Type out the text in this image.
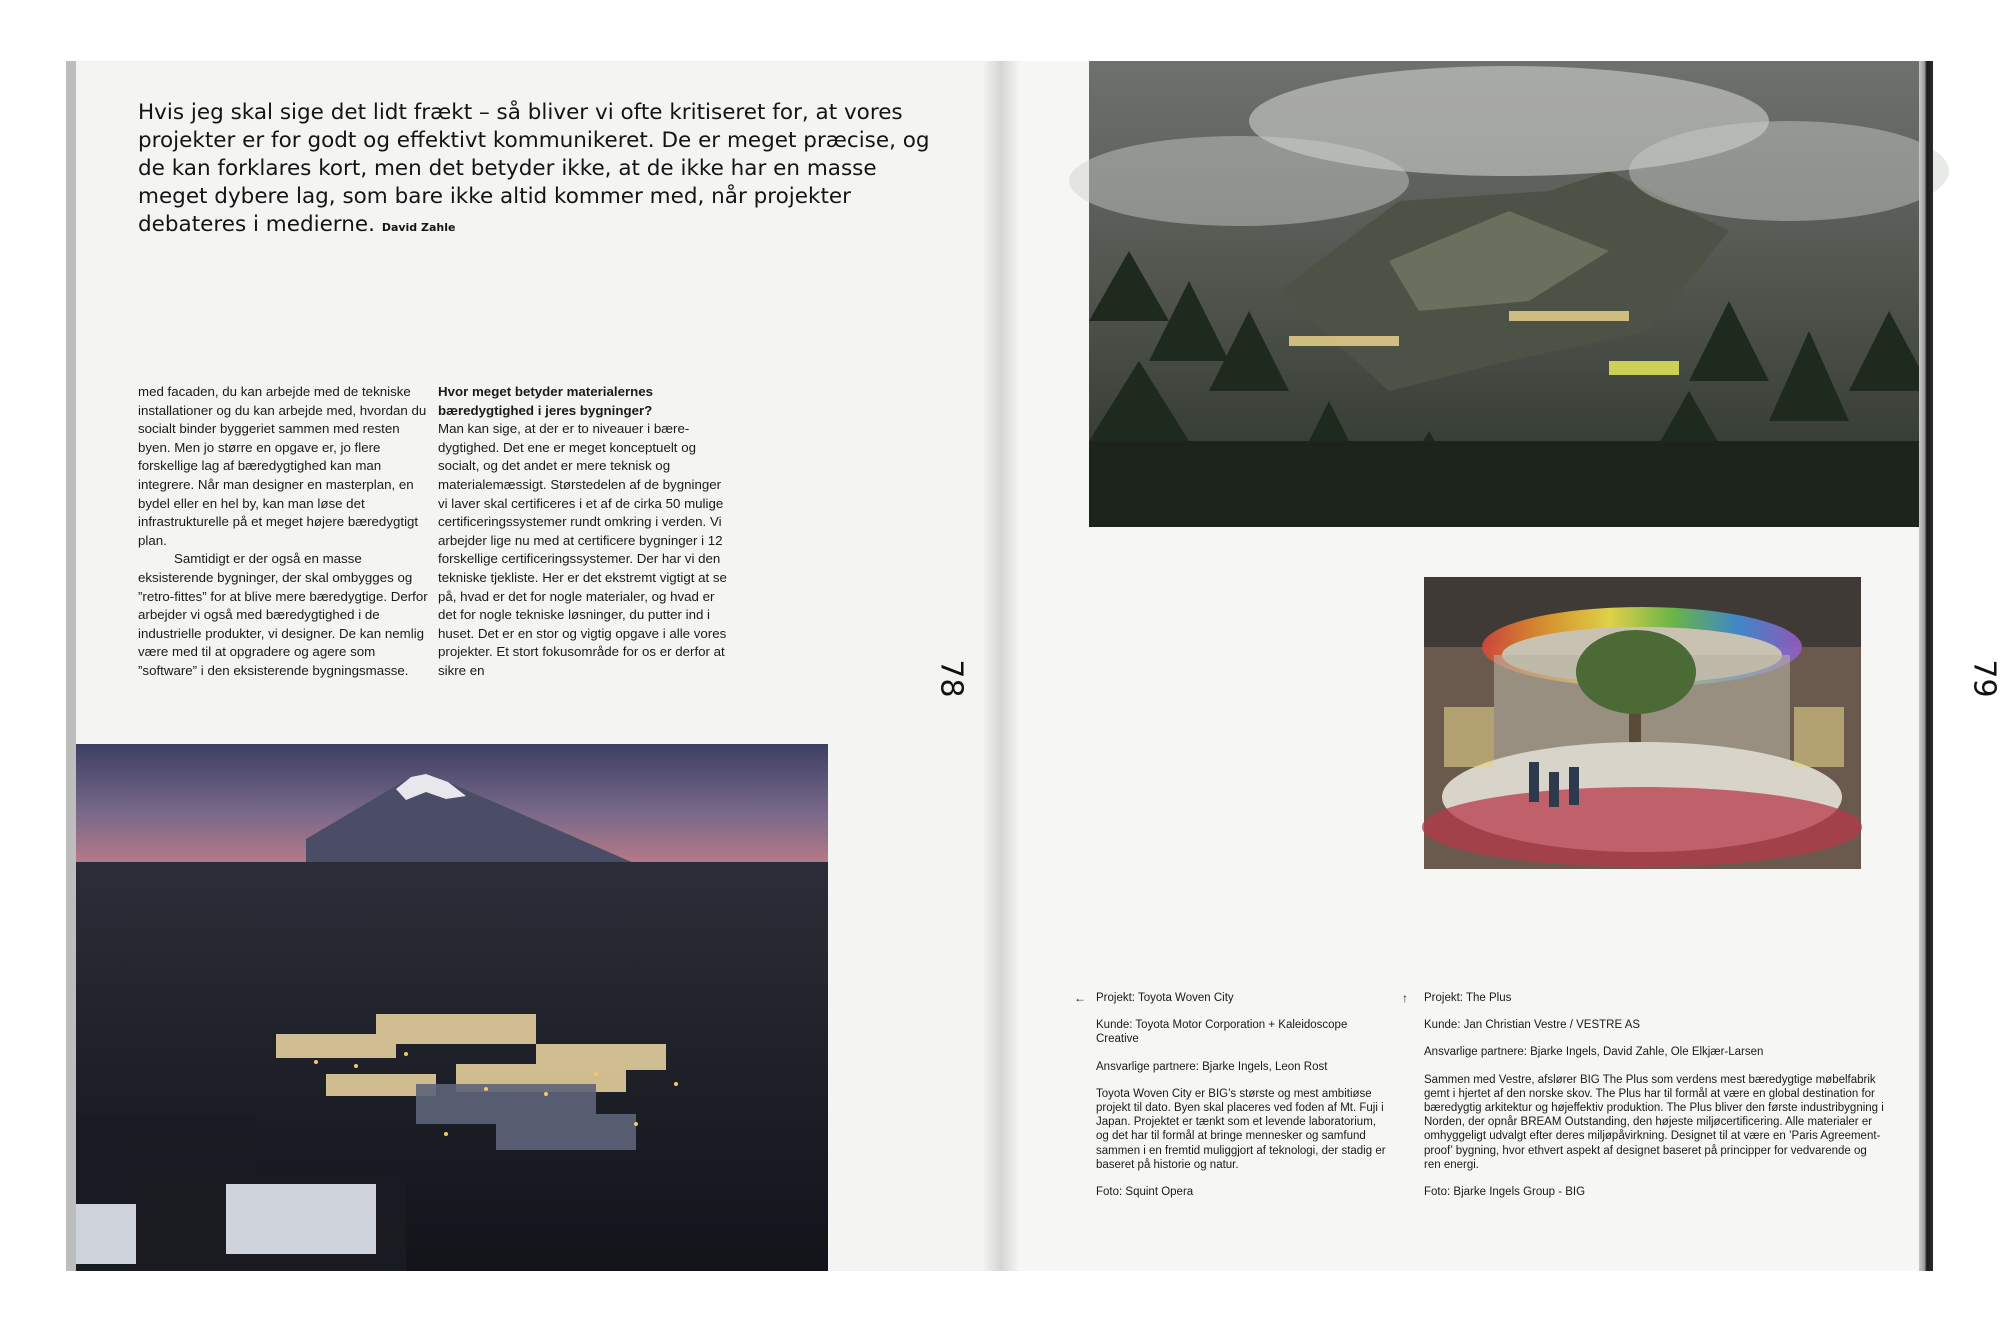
Hvis jeg skal sige det lidt frækt – så bliver vi ofte kritiseret for, at vores projekter er for godt og effektivt kommunikeret. De er meget præcise, og de kan forklares kort, men det betyder ikke, at de ikke har en masse meget dybere lag, som bare ikke altid kommer med, når projekter debateres i medierne. David Zahle

med facaden, du kan arbejde med de tekniske installationer og du kan arbejde med, hvordan du socialt binder byggeriet sammen med resten byen. Men jo større en opgave er, jo flere forskellige lag af bæredygtighed kan man integrere. Når man designer en masterplan, en bydel eller en hel by, kan man løse det infrastrukturelle på et meget højere bæredygtigt plan.

Samtidigt er der også en masse eksisterende bygninger, der skal ombygges og ”retro-fittes” for at blive mere bæredygtige. Derfor arbejder vi også med bæredygtighed i de industrielle produkter, vi designer. De kan nemlig være med til at opgradere og agere som ”software” i den eksisterende bygningsmasse.

Hvor meget betyder materialernes bæredygtighed i jeres bygninger?

Man kan sige, at der er to niveauer i bæredygtighed. Det ene er meget konceptuelt og socialt, og det andet er mere teknisk og materialemæssigt. Størstedelen af de bygninger vi laver skal certificeres i et af de cirka 50 mulige certificeringssystemer rundt omkring i verden. Vi arbejder lige nu med at certificere bygninger i 12 forskellige certificeringssystemer. Der har vi den tekniske tjekliste. Her er det ekstremt vigtigt at se på, hvad er det for nogle materialer, og hvad er det for nogle tekniske løsninger, du putter ind i huset. Det er en stor og vigtig opgave i alle vores projekter. Et stort fokusområde for os er derfor at sikre en	78	79
← Projekt: Toyota Woven City

Kunde: Toyota Motor Corporation + Kaleidoscope Creative

Ansvarlige partnere: Bjarke Ingels, Leon Rost

Toyota Woven City er BIG’s største og mest ambitiøse projekt til dato. Byen skal placeres ved foden af Mt. Fuji i Japan. Projektet er tænkt som et levende laboratorium, og det har til formål at bringe mennesker og samfund sammen i en fremtid muliggjort af teknologi, der stadig er baseret på historie og natur.

Foto: Squint Opera

↑ Projekt: The Plus

Kunde: Jan Christian Vestre / VESTRE AS

Ansvarlige partnere: Bjarke Ingels, David Zahle, Ole Elkjær-Larsen

Sammen med Vestre, afslører BIG The Plus som verdens mest bæredygtige møbelfabrik gemt i hjertet af den norske skov. The Plus har til formål at være en global destination for bæredygtig arkitektur og højeffektiv produktion. The Plus bliver den første industribygning i Norden, der opnår BREAM Outstanding, den højeste miljøcertificering. Alle materialer er omhyggeligt udvalgt efter deres miljøpåvirkning. Designet til at være en ’Paris Agreement-proof’ bygning, hvor ethvert aspekt af designet baseret på principper for vedvarende og ren energi.

Foto: Bjarke Ingels Group - BIG
